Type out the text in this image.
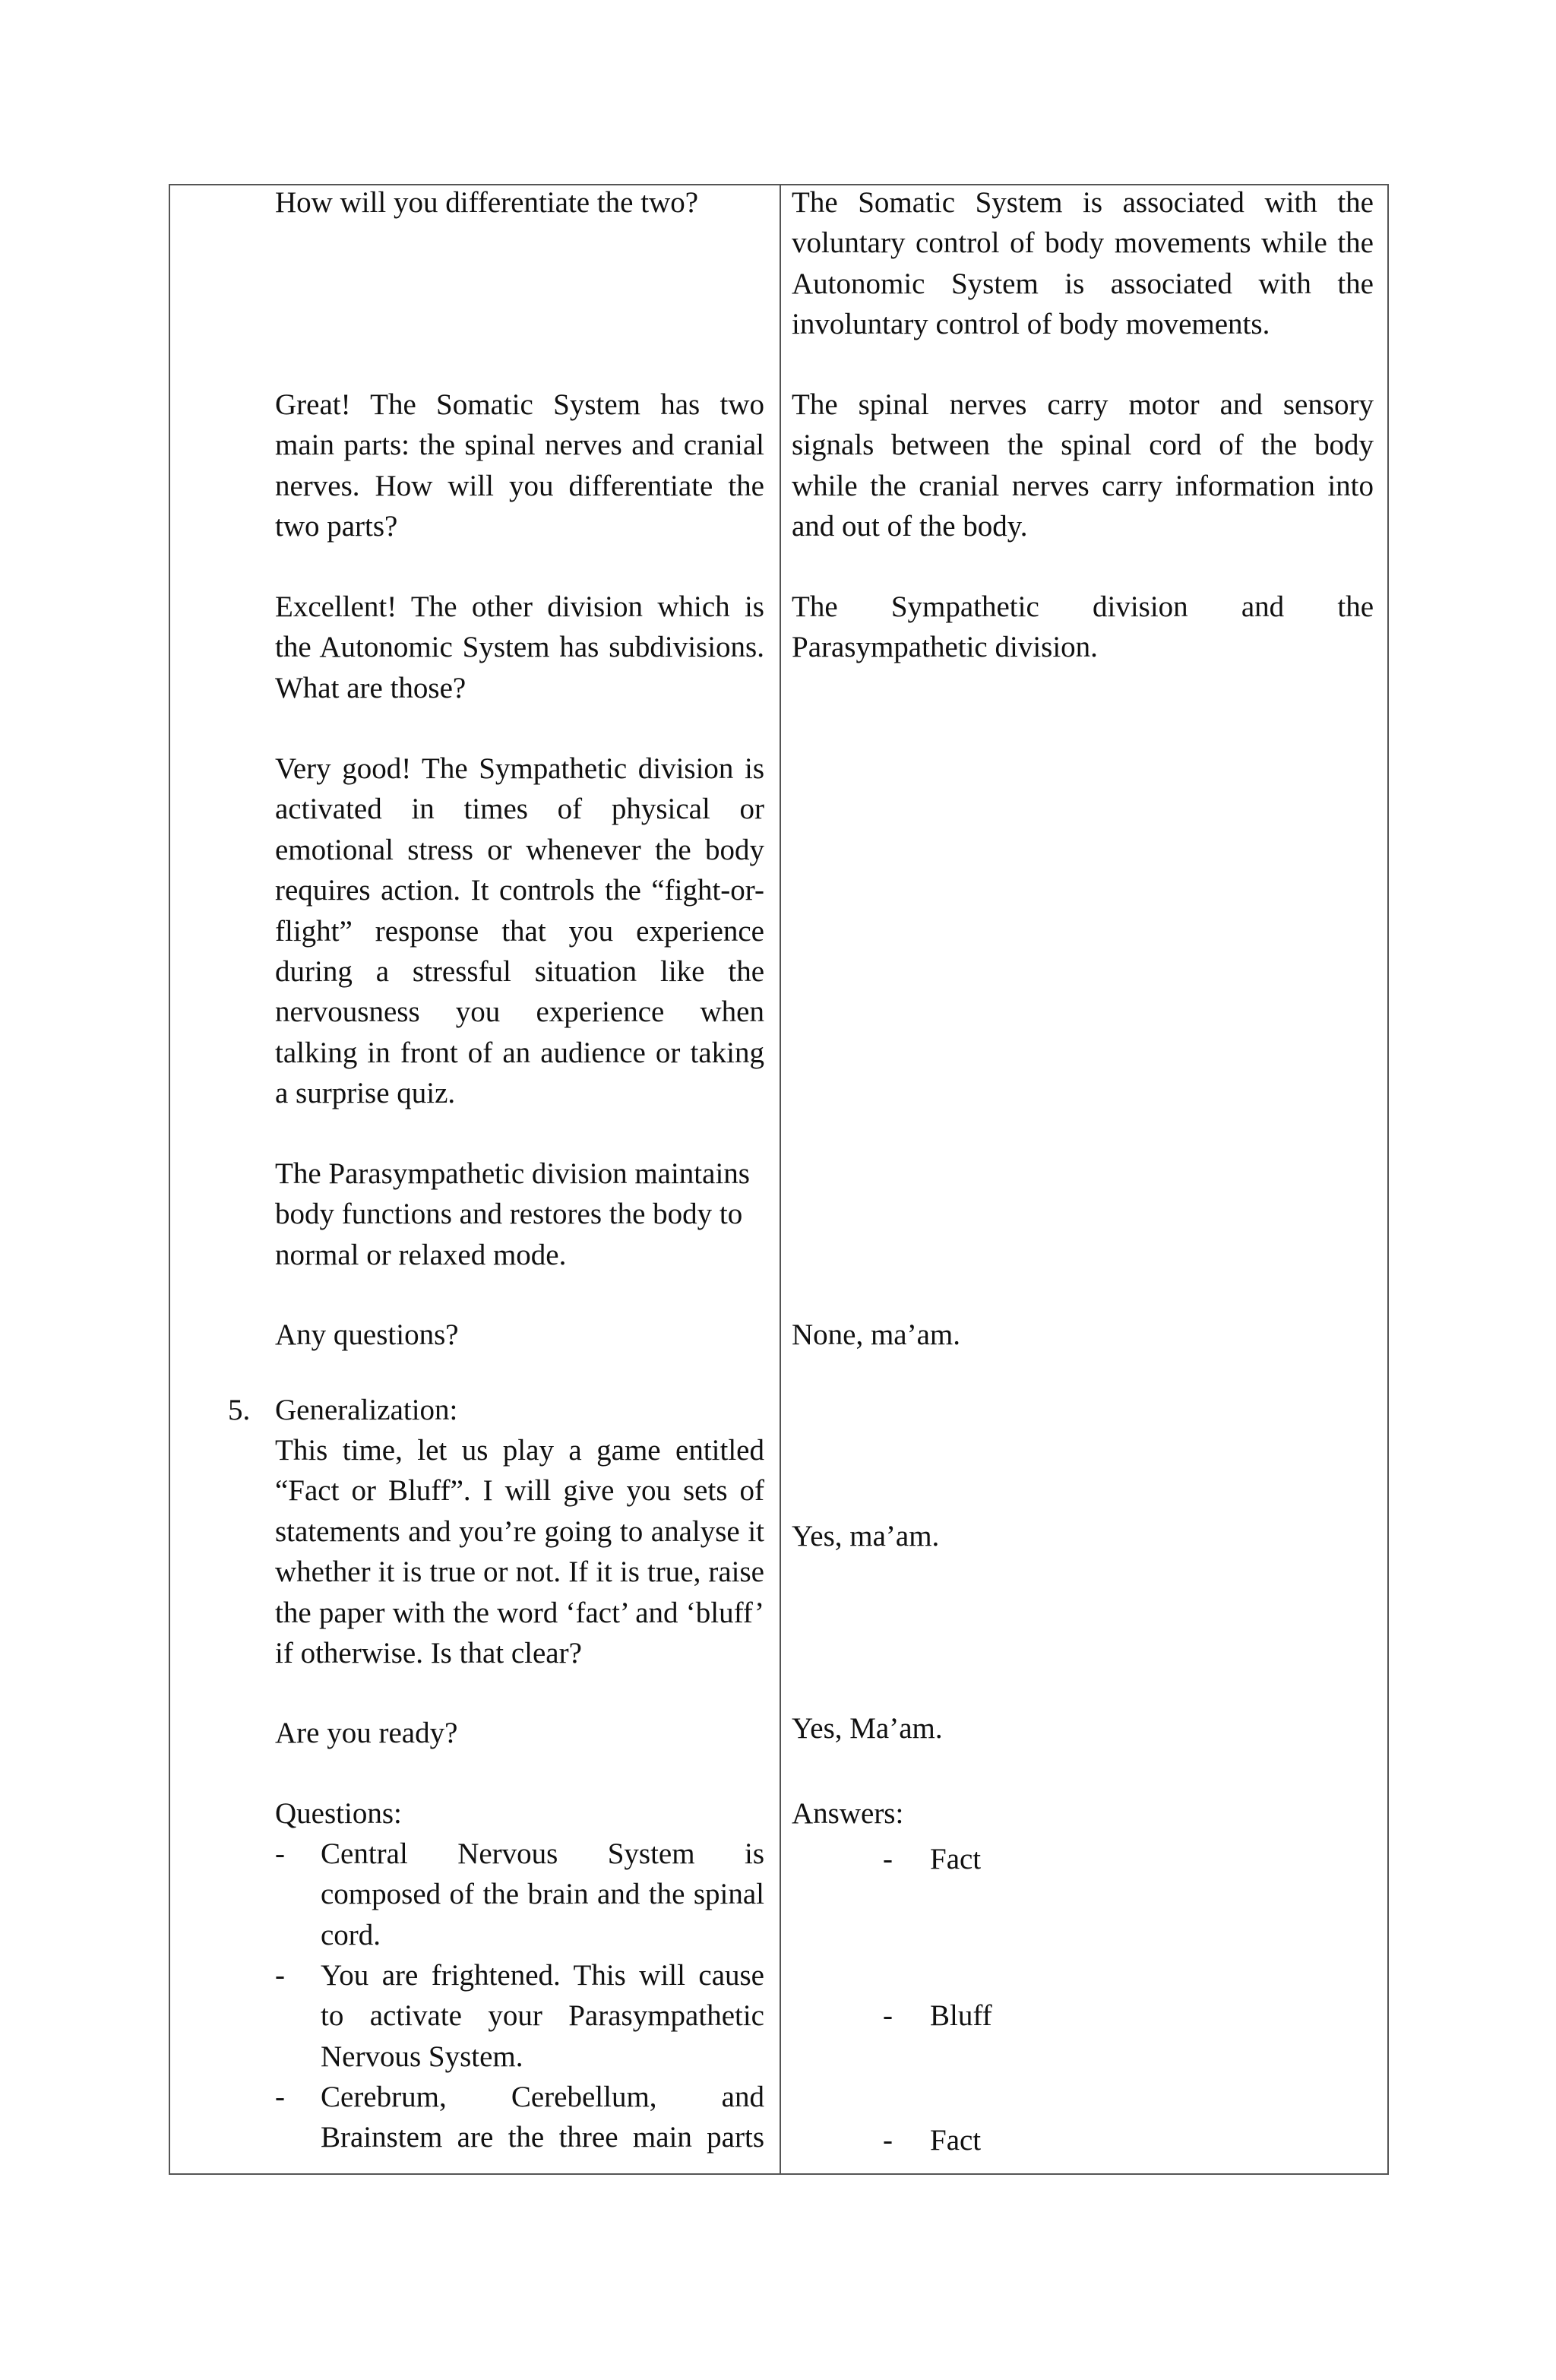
How will you differentiate the two?
Great! The Somatic System has two main parts: the spinal nerves and cranial nerves. How will you differentiate the two parts?
Excellent! The other division which is the Autonomic System has subdivisions. What are those?
Very good! The Sympathetic division is activated in times of physical or emotional stress or whenever the body requires action. It controls the “fight-or-flight” response that you experience during a stressful situation like the nervousness you experience when talking in front of an audience or taking a surprise quiz.
The Parasympathetic division maintains body functions and restores the body to normal or relaxed mode.
Any questions?
5. Generalization:
This time, let us play a game entitled “Fact or Bluff”. I will give you sets of statements and you’re going to analyse it whether it is true or not. If it is true, raise the paper with the word ‘fact’ and ‘bluff’ if otherwise. Is that clear?
Are you ready?
Questions:
- Central Nervous System is composed of the brain and the spinal cord.
- You are frightened. This will cause to activate your Parasympathetic Nervous System.
- Cerebrum, Cerebellum, and Brainstem are the three main parts
The Somatic System is associated with the voluntary control of body movements while the Autonomic System is associated with the involuntary control of body movements.
The spinal nerves carry motor and sensory signals between the spinal cord of the body while the cranial nerves carry information into and out of the body.
The Sympathetic division and the Parasympathetic division.
None, ma’am.
Yes, ma’am.
Yes, Ma’am.
Answers:
- Fact
- Bluff
- Fact
